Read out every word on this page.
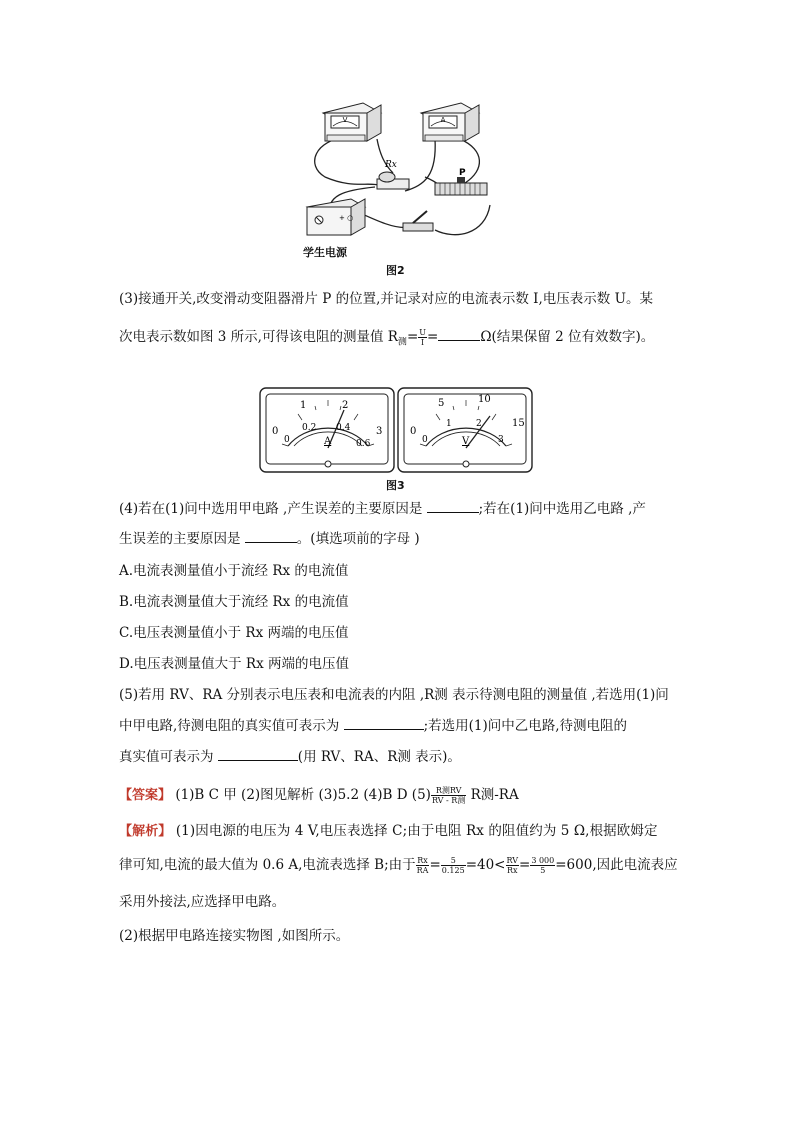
V	A
Rx
P
+ ○
学生电源
图2
(3)接通开关,改变滑动变阻器滑片 P 的位置,并记录对应的电流表示数 I,电压表示数 U。某
次电表示数如图 3 所示,可得该电阻的测量值 $R_测= \frac{U}{I}$ =	Ω(结果保留 2 位有效数字)。
0
1	2
3
0
0.2 0.4
0.6
A
0
5	10
15
0
1	2
3
V
图3
(4)若在(1)问中选用甲电路 ,产生误差的主要原因是	;若在(1)问中选用乙电路 ,产
生误差的主要原因是	。(填选项前的字母 )
A.电流表测量值小于流经 Rx 的电流值
B.电流表测量值大于流经 Rx 的电流值
C.电压表测量值小于 Rx 两端的电压值
D.电压表测量值大于 Rx 两端的电压值
(5)若用 RV、RA 分别表示电压表和电流表的内阻 ,R测 表示待测电阻的测量值 ,若选用(1)问
中甲电路,待测电阻的真实值可表示为	;若选用(1)问中乙电路,待测电阻的
真实值可表示为	(用 RV、RA、R测 表示)。
【答案】 (1)B C 甲 (2)图见解析 (3)5.2 (4)B D $(5) \frac{\text{R测RV}}{\text{RV - R测}}$ R测-RA
【解析】 (1)因电源的电压为 4 V,电压表选择 C;由于电阻 Rx 的阻值约为 5 Ω,根据欧姆定
律可知,电流的最大值为 0.6 A,电流表选择 B;由于 $\frac{Rx}{RA} = \frac{5}{0.125} =40< \frac{RV}{Rx} = \frac{3 000}{5} =600$,因此电流表应
采用外接法,应选择甲电路。
(2)根据甲电路连接实物图 ,如图所示。
